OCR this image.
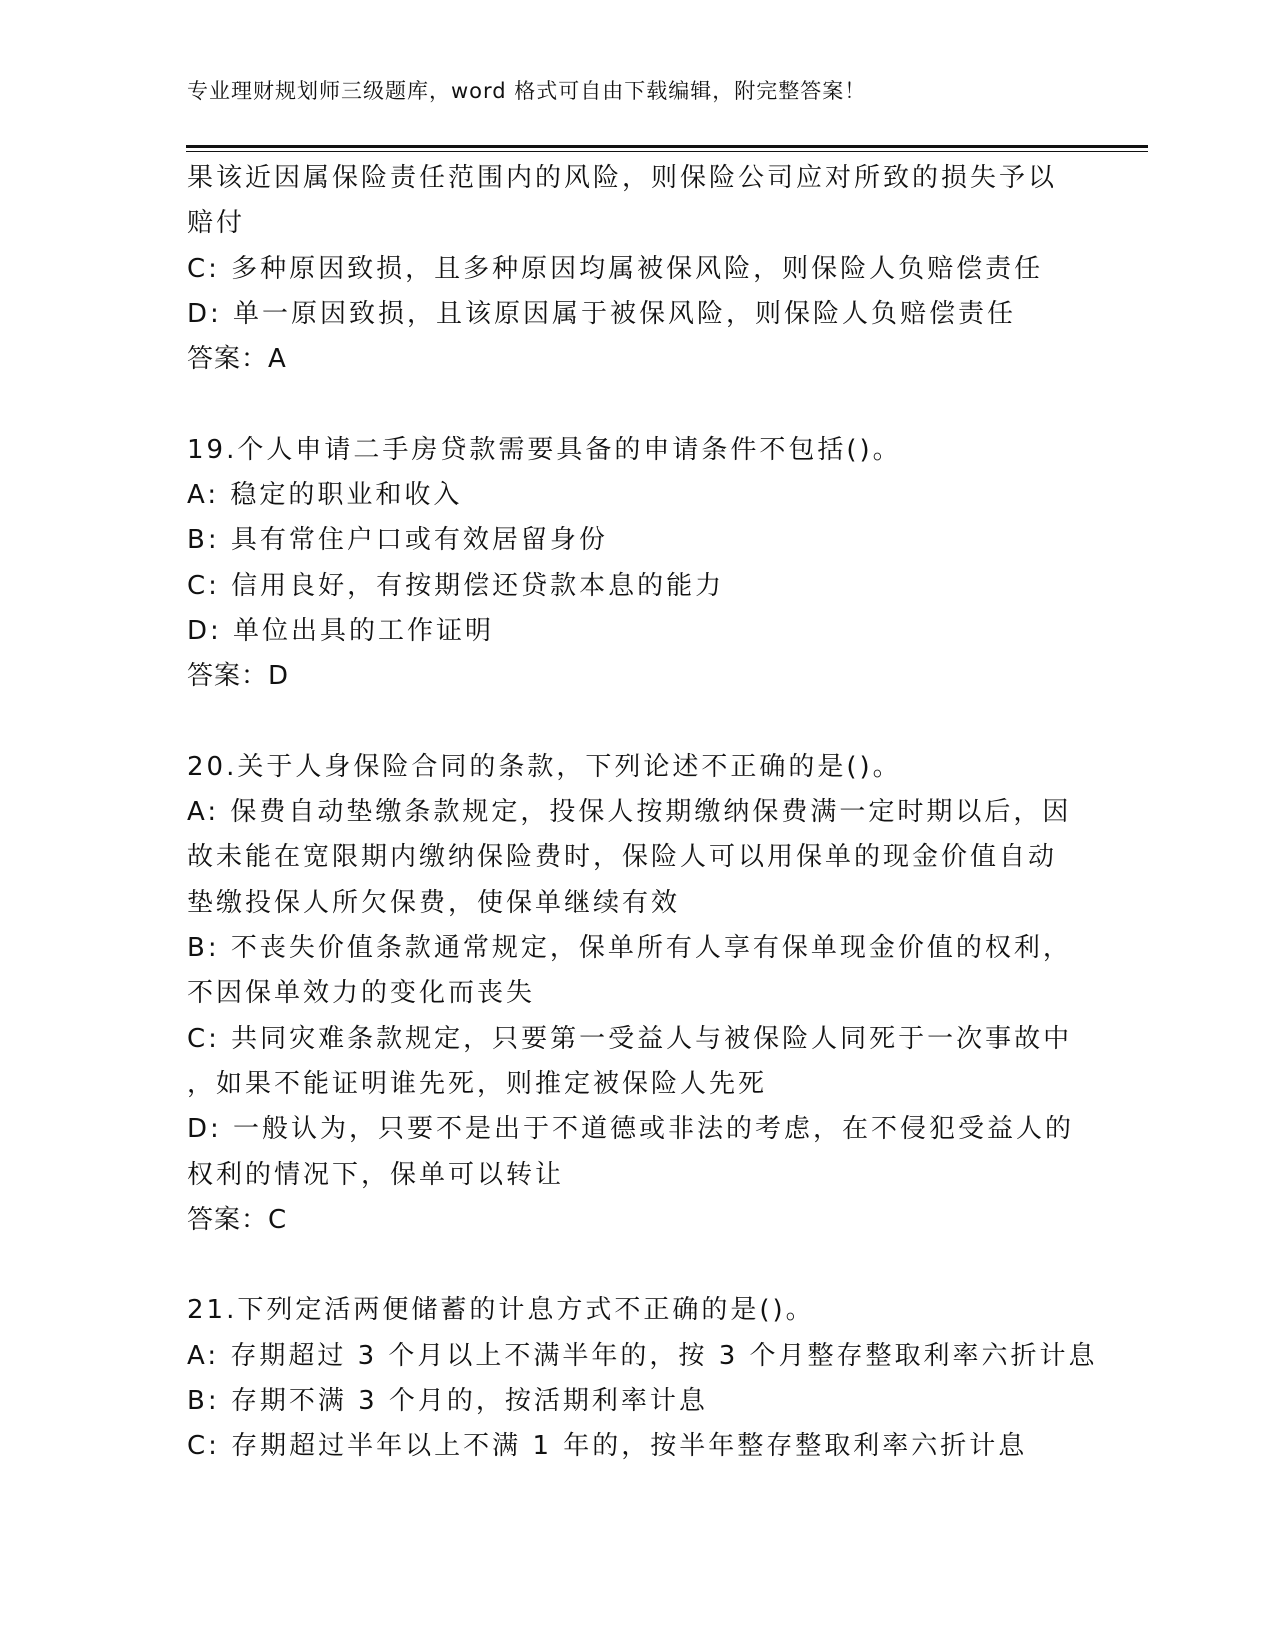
专业理财规划师三级题库，word 格式可自由下载编辑，附完整答案！
果该近因属保险责任范围内的风险，则保险公司应对所致的损失予以
赔付
C: 多种原因致损，且多种原因均属被保风险，则保险人负赔偿责任
D: 单一原因致损，且该原因属于被保风险，则保险人负赔偿责任
答案：A
19.个人申请二手房贷款需要具备的申请条件不包括()。
A: 稳定的职业和收入
B: 具有常住户口或有效居留身份
C: 信用良好，有按期偿还贷款本息的能力
D: 单位出具的工作证明
答案：D
20.关于人身保险合同的条款，下列论述不正确的是()。
A: 保费自动垫缴条款规定，投保人按期缴纳保费满一定时期以后，因
故未能在宽限期内缴纳保险费时，保险人可以用保单的现金价值自动
垫缴投保人所欠保费，使保单继续有效
B: 不丧失价值条款通常规定，保单所有人享有保单现金价值的权利，
不因保单效力的变化而丧失
C: 共同灾难条款规定，只要第一受益人与被保险人同死于一次事故中
，如果不能证明谁先死，则推定被保险人先死
D: 一般认为，只要不是出于不道德或非法的考虑，在不侵犯受益人的
权利的情况下，保单可以转让
答案：C
21.下列定活两便储蓄的计息方式不正确的是()。
A: 存期超过 3 个月以上不满半年的，按 3 个月整存整取利率六折计息
B: 存期不满 3 个月的，按活期利率计息
C: 存期超过半年以上不满 1 年的，按半年整存整取利率六折计息
